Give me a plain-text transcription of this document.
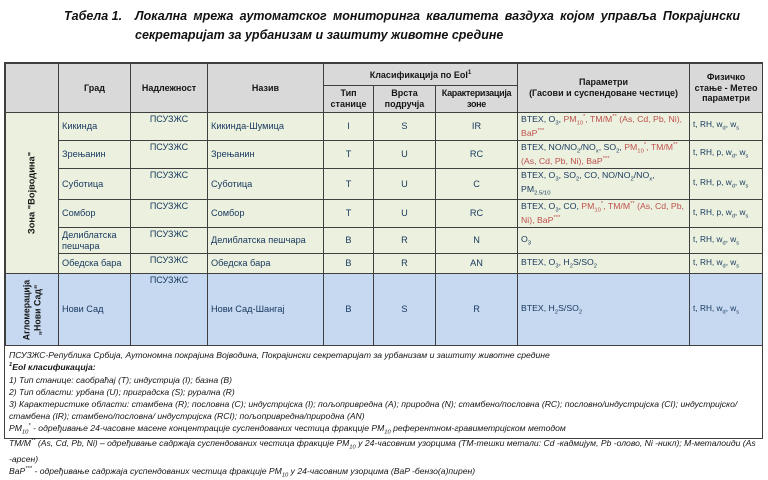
Табела 1.	Локална мрежа аутоматског мониторинга квалитета ваздуха којом управља Покрајински секретаријат за урбанизам и заштиту животне средине
	Град	Надлежност	Назив	Класификација по EoI$^1$			Параметри
(Гасови и суспендоване честице)	Физичко стање - Метео параметри
				Тип станице	Врста подручја	Карактеризација зоне		

Зона "Војводина"	Кикинда	ПСУЗЖС	Кикинда-Шумица	I	S	IR	BTEX, $O_3$, $PM_{10}^*$, TM/M** (As, Cd, Pb, Ni), BaP***	t, RH, $w_d$, $w_s$
	Зрењанин	ПСУЗЖС	Зрењанин	T	U	RC	BTEX, $NO/NO_2/NO_x$, $SO_2$, $PM_{10}^*$, TM/M** (As, Cd, Pb, Ni), BaP***	t, RH, p, $w_d$, $w_s$
	Суботица	ПСУЗЖС	Суботица	T	U	C	BTEX, $O_3$, $SO_2$, CO, $NO/NO_2/NO_x$, $PM_{2.5/10}$	t, RH, p, $w_d$, $w_s$
	Сомбор	ПСУЗЖС	Сомбор	T	U	RC	BTEX, $O_3$, CO, $PM_{10}^*$, TM/M** (As, Cd, Pb, Ni), BaP***	t, RH, p, $w_d$, $w_s$
	Делиблатска пешчара	ПСУЗЖС	Делиблатска пешчара	B	R	N	$O_3$	t, RH, $w_d$, $w_s$
	Обедска бара	ПСУЗЖС	Обедска бара	B	R	AN	BTEX, $O_3$, $H_2S/SO_2$	t, RH, $w_d$, $w_s$

Агломерација „Нови Сад“	Нови Сад	ПСУЗЖС	Нови Сад-Шангај	B	S	R	BTEX, $H_2S/SO_2$	t, RH, $w_d$, $w_s$
ПСУЗЖС-Република Србија, Аутономна покрајина Војводина, Покрајински секретаријат за урбанизам и заштиту животне средине
$^1$EoI класификација:
1) Тип станице: саобраћај (Т); индустрија (I); базна (B)
2) Тип области: урбана (U); приградска (S); рурална (R)
3) Карактеристике области: стамбена (R); пословна (C); индустријска (I); пољопривредна (A); природна (N); стамбено/пословна (RC); пословно/индустријска (CI); индустријско/стамбена (IR); стамбено/пословна/ индустријска (RCI); пољопривредна/природна (AN)
$PM_{10}^*$ - одређивање 24-часовне масене концентрације суспендованих честица фракције $PM_{10}$ референтном-гравиметријском методом
TM/M** (As, Cd, Pb, Ni) – одређивање садржаја суспендованих честица фракције $PM_{10}$ у 24-часовним узорцима (TM-тешки метали: Cd -кадмијум, Pb -олово, Ni -никл); M-металоиди (As -арсен)
BaP*** - одређивање садржаја суспендованих честица фракције $PM_{10}$ у 24-часовним узорцима (BaP -бензо(а)пирен)
